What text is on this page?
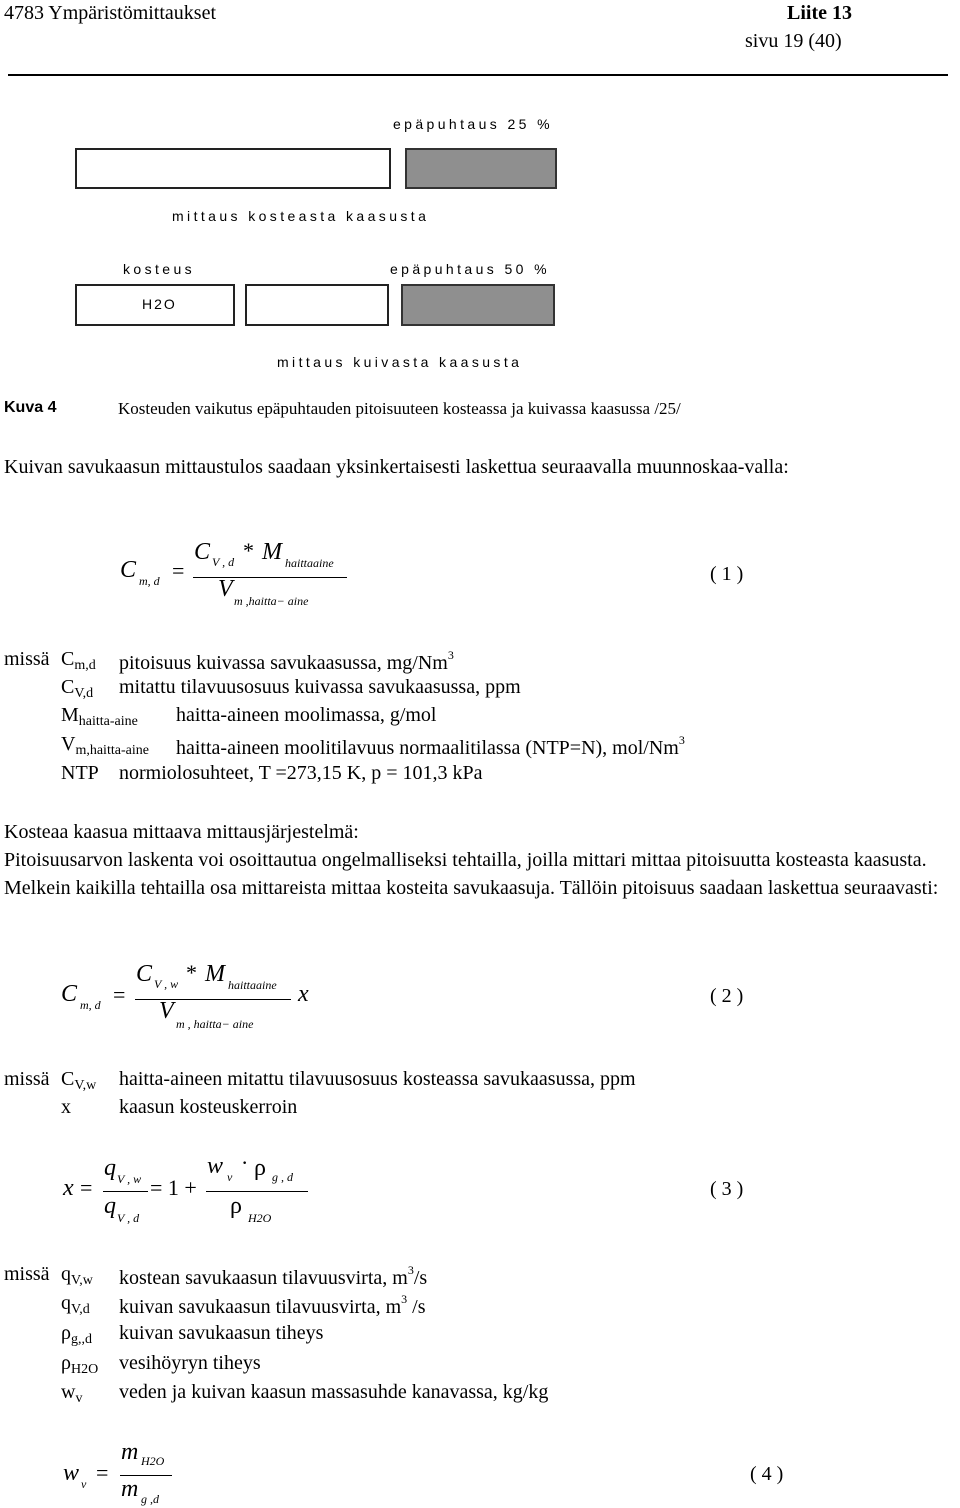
4783 Ympäristömittaukset	Liite 13
sivu 19 (40)
epäpuhtaus 25 %
mittaus kosteasta kaasusta
kosteus	epäpuhtaus 50 %
H2O
mittaus kuivasta kaasusta
Kuva 4	Kosteuden vaikutus epäpuhtauden pitoisuuteen kosteassa ja kuivassa kaasussa /25/
Kuivan savukaasun mittaustulos saadaan yksinkertaisesti laskettua seuraavalla muunnoskaa-valla:
C m, d =
C V , d * M haittaaine
V m ,haitta− aine
( 1 )
missä $C_{m,d}$ pitoisuus kuivassa savukaasussa, mg/Nm$^3$
$C_{V,d}$ mitattu tilavuusosuus kuivassa savukaasussa, ppm
$M_{haitta-aine}$ haitta-aineen moolimassa, g/mol
$V_{m,haitta-aine}$ haitta-aineen moolitilavuus normaalitilassa (NTP=N), mol/Nm$^3$
NTP normiolosuhteet, T =273,15 K, p = 101,3 kPa
Kosteaa kaasua mittaava mittausjärjestelmä:
Pitoisuusarvon laskenta voi osoittautua ongelmalliseksi tehtailla, joilla mittari mittaa pitoisuutta kosteasta kaasusta. Melkein kaikilla tehtailla osa mittareista mittaa kosteita savukaasuja. Tällöin pitoisuus saadaan laskettua seuraavasti:
C m, d =
C V , w * M haittaaine
V m , haitta− aine
x	( 2 )
missä $C_{V,w}$ haitta-aineen mitattu tilavuusosuus kosteassa savukaasussa, ppm
x kaasun kosteuskerroin
x =
q V , w
q V , d
= 1 +
w v
· ρ g , d
ρ H2O
( 3 )
missä $q_{V,w}$ kostean savukaasun tilavuusvirta, $m^3/s$
$q_{V,d}$ kuivan savukaasun tilavuusvirta, $m^3$ /s
$\rho_{g,,d}$ kuivan savukaasun tiheys
$\rho_{H2O}$ vesihöyryn tiheys
$w_v$ veden ja kuivan kaasun massasuhde kanavassa, kg/kg
w v =
m H2O
m g ,d
( 4 )
